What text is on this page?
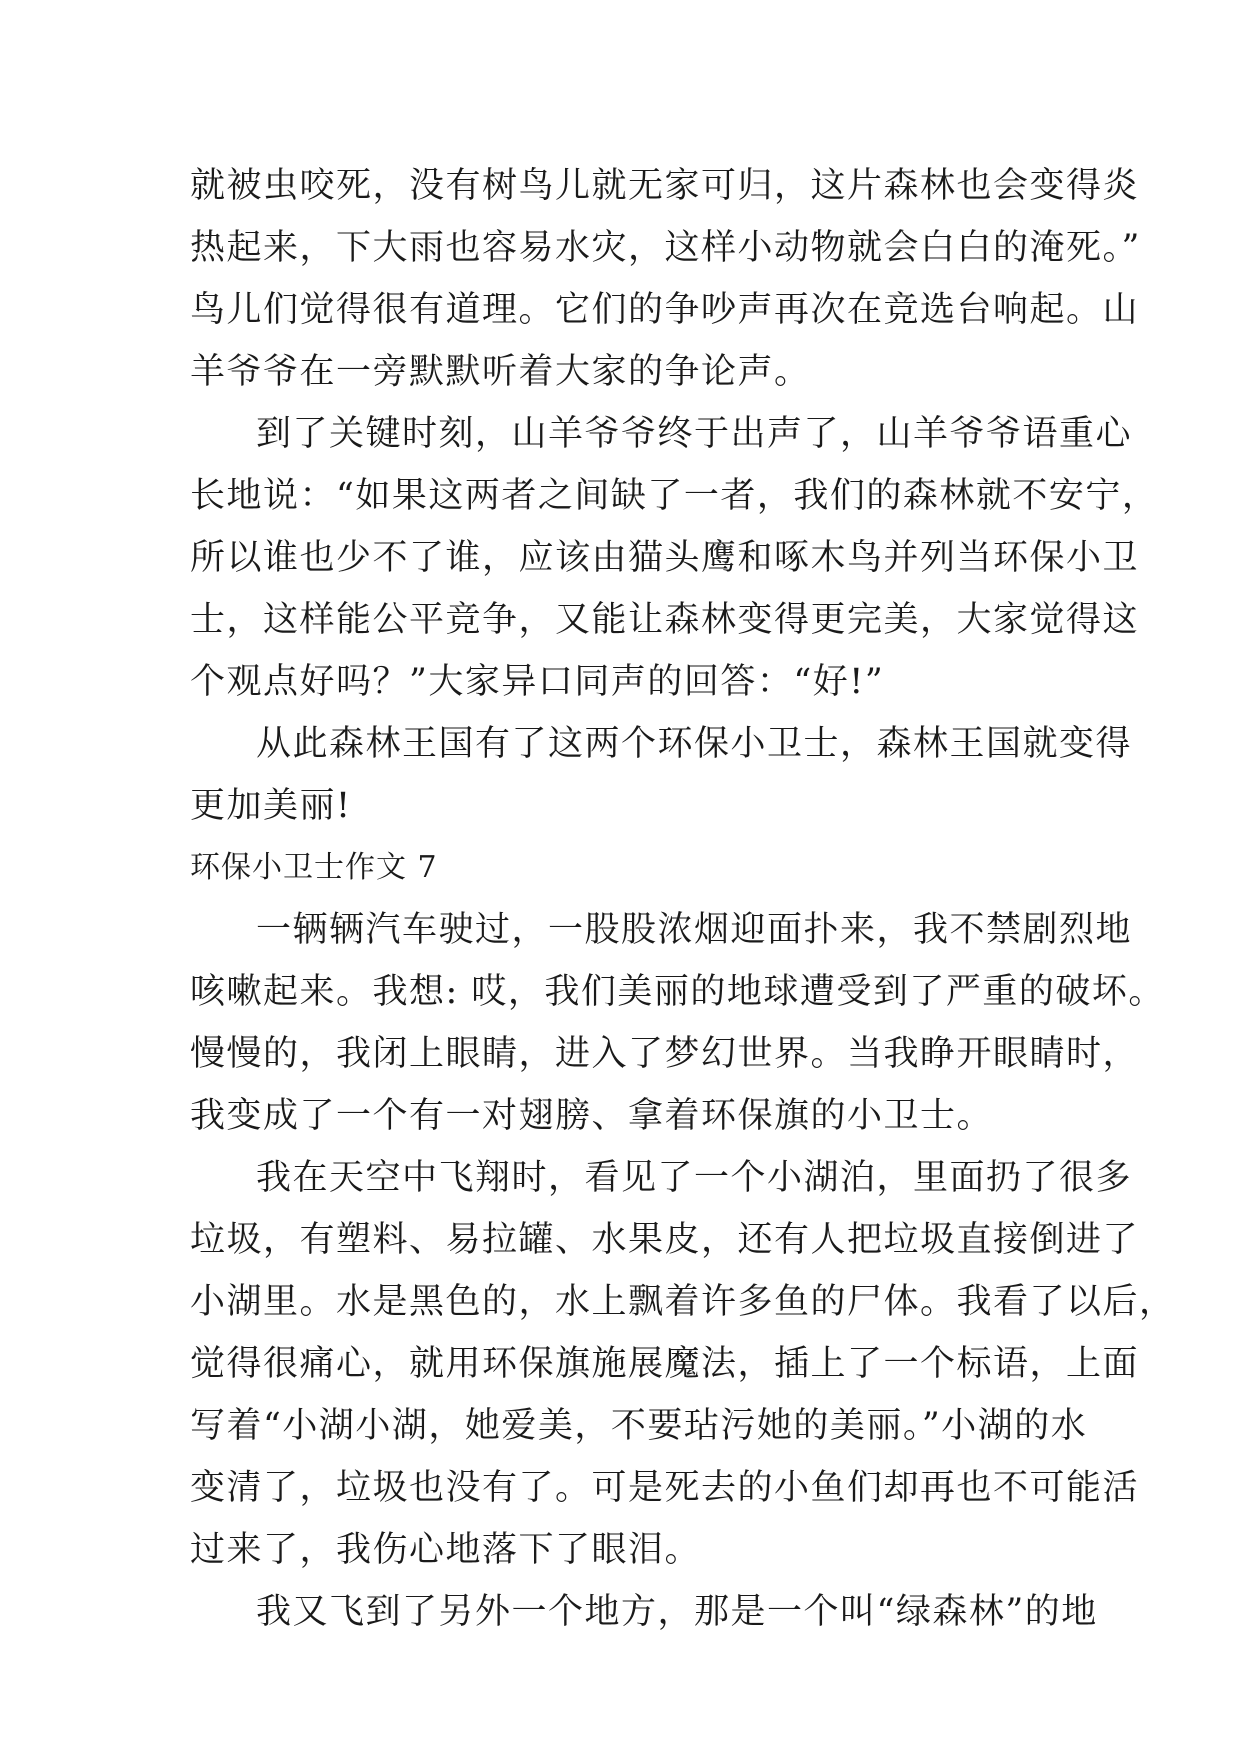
就被虫咬死，没有树鸟儿就无家可归，这片森林也会变得炎
热起来，下大雨也容易水灾，这样小动物就会白白的淹死。”
鸟儿们觉得很有道理。它们的争吵声再次在竞选台响起。山
羊爷爷在一旁默默听着大家的争论声。
到了关键时刻，山羊爷爷终于出声了，山羊爷爷语重心
长地说：“如果这两者之间缺了一者，我们的森林就不安宁，
所以谁也少不了谁，应该由猫头鹰和啄木鸟并列当环保小卫
士，这样能公平竞争，又能让森林变得更完美，大家觉得这
个观点好吗？”大家异口同声的回答：“好!”
从此森林王国有了这两个环保小卫士，森林王国就变得
更加美丽!
环保小卫士作文 7
一辆辆汽车驶过，一股股浓烟迎面扑来，我不禁剧烈地
咳嗽起来。我想: 哎，我们美丽的地球遭受到了严重的破坏。
慢慢的，我闭上眼睛，进入了梦幻世界。当我睁开眼睛时，
我变成了一个有一对翅膀、拿着环保旗的小卫士。
我在天空中飞翔时，看见了一个小湖泊，里面扔了很多
垃圾，有塑料、易拉罐、水果皮，还有人把垃圾直接倒进了
小湖里。水是黑色的，水上飘着许多鱼的尸体。我看了以后，
觉得很痛心，就用环保旗施展魔法，插上了一个标语，上面
写着“小湖小湖，她爱美，不要玷污她的美丽。”小湖的水
变清了，垃圾也没有了。可是死去的小鱼们却再也不可能活
过来了，我伤心地落下了眼泪。
我又飞到了另外一个地方，那是一个叫“绿森林”的地
